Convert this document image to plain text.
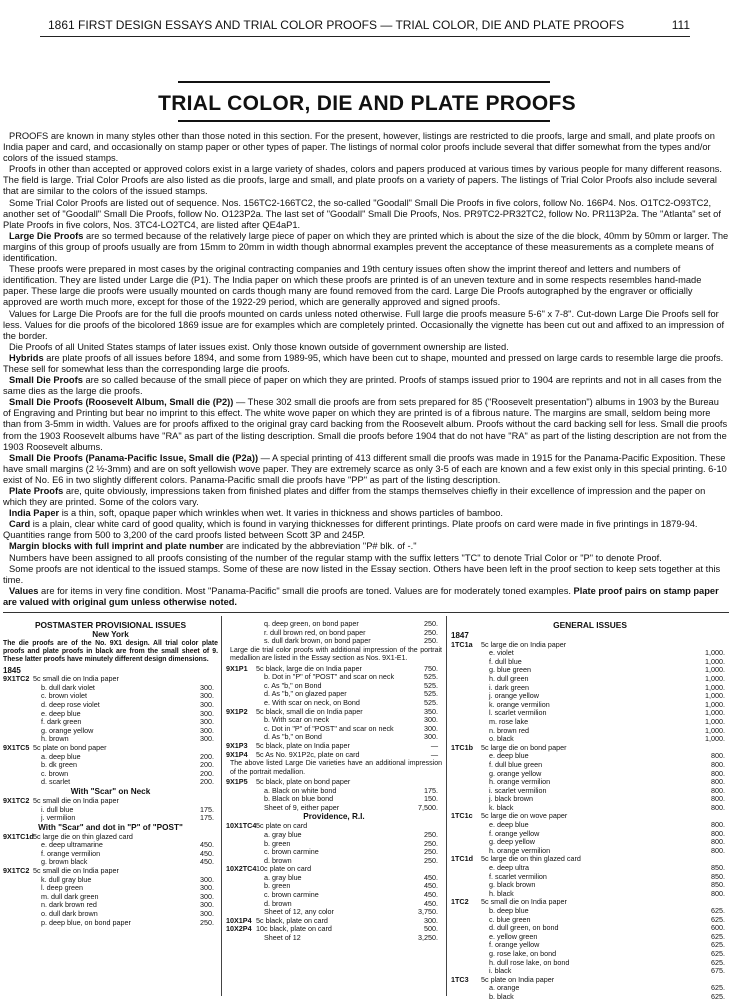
1861 FIRST DESIGN ESSAYS AND TRIAL COLOR PROOFS — TRIAL COLOR, DIE AND PLATE PROOFS	111
TRIAL COLOR, DIE AND PLATE PROOFS

PROOFS are known in many styles other than those noted in this section. For the present, however, listings are restricted to die proofs, large and small, and plate proofs on India paper and card, and occasionally on stamp paper or other types of paper. The listings of normal color proofs include several that differ somewhat from the types and/or colors of the issued stamps.

Proofs in other than accepted or approved colors exist in a large variety of shades, colors and papers produced at various times by various people for many different reasons. The field is large. Trial Color Proofs are also listed as die proofs, large and small, and plate proofs on a variety of papers. The listings of Trial Color Proofs also include several that are similar to the colors of the issued stamps.

Some Trial Color Proofs are listed out of sequence. Nos. 156TC2-166TC2, the so-called "Goodall" Small Die Proofs in five colors, follow No. 166P4. Nos. O1TC2-O93TC2, another set of "Goodall" Small Die Proofs, follow No. O123P2a. The last set of "Goodall" Small Die Proofs, Nos. PR9TC2-PR32TC2, follow No. PR113P2a. The "Atlanta" set of Plate Proofs in five colors, Nos. 3TC4-LO2TC4, are listed after QE4aP1.

Large Die Proofs are so termed because of the relatively large piece of paper on which they are printed which is about the size of the die block, 40mm by 50mm or larger. The margins of this group of proofs usually are from 15mm to 20mm in width though abnormal examples prevent the acceptance of these measurements as a complete means of identification.

These proofs were prepared in most cases by the original contracting companies and 19th century issues often show the imprint thereof and letters and numbers of identification. They are listed under Large die (P1). The India paper on which these proofs are printed is of an uneven texture and in some respects resembles hand-made paper. These large die proofs were usually mounted on cards though many are found removed from the card. Large Die Proofs autographed by the engraver or officially approved are worth much more, except for those of the 1922-29 period, which are generally approved and signed proofs.

Values for Large Die Proofs are for the full die proofs mounted on cards unless noted otherwise. Full large die proofs measure 5-6" x 7-8". Cut-down Large Die Proofs sell for less. Values for die proofs of the bicolored 1869 issue are for examples which are completely printed. Occasionally the vignette has been cut out and affixed to an impression of the border.

Die Proofs of all United States stamps of later issues exist. Only those known outside of government ownership are listed.

Hybrids are plate proofs of all issues before 1894, and some from 1989-95, which have been cut to shape, mounted and pressed on large cards to resemble large die proofs. These sell for somewhat less than the corresponding large die proofs.

Small Die Proofs are so called because of the small piece of paper on which they are printed. Proofs of stamps issued prior to 1904 are reprints and not in all cases from the same dies as the large die proofs.

Small Die Proofs (Roosevelt Album, Small die (P2)) — These 302 small die proofs are from sets prepared for 85 ("Roosevelt presentation") albums in 1903 by the Bureau of Engraving and Printing but bear no imprint to this effect. The white wove paper on which they are printed is of a fibrous nature. The margins are small, seldom being more than from 3-5mm in width. Values are for proofs affixed to the original gray card backing from the Roosevelt album. Proofs without the card backing sell for less. Small die proofs from the 1903 Roosevelt albums have "RA" as part of the listing description. Small die proofs before 1904 that do not have "RA" as part of the listing description are not from the 1903 Roosevelt albums.

Small Die Proofs (Panama-Pacific Issue, Small die (P2a)) — A special printing of 413 different small die proofs was made in 1915 for the Panama-Pacific Exposition. These have small margins (2 ½-3mm) and are on soft yellowish wove paper. They are extremely scarce as only 3-5 of each are known and a few exist only in this special printing. 6-10 exist of No. E6 in two slightly different colors. Panama-Pacific small die proofs have "PP" as part of the listing description.

Plate Proofs are, quite obviously, impressions taken from finished plates and differ from the stamps themselves chiefly in their excellence of impression and the paper on which they are printed. Some of the colors vary.

India Paper is a thin, soft, opaque paper which wrinkles when wet. It varies in thickness and shows particles of bamboo.

Card is a plain, clear white card of good quality, which is found in varying thicknesses for different printings. Plate proofs on card were made in five printings in 1879-94. Quantities range from 500 to 3,200 of the card proofs listed between Scott 3P and 245P.

Margin blocks with full imprint and plate number are indicated by the abbreviation "P# blk. of -."

Numbers have been assigned to all proofs consisting of the number of the regular stamp with the suffix letters "TC" to denote Trial Color or "P" to denote Proof.

Some proofs are not identical to the issued stamps. Some of these are now listed in the Essay section. Others have been left in the proof section to keep sets together at this time.

Values are for items in very fine condition. Most "Panama-Pacific" small die proofs are toned. Values are for moderately toned examples. Plate proof pairs on stamp paper are valued with original gum unless otherwise noted.

POSTMASTER PROVISIONAL ISSUES
New York

The die proofs are of the No. 9X1 design. All trial color plate proofs and plate proofs in black are from the small sheet of 9. These latter proofs have minutely different design dimensions.

1845
9X1TC2 5c small die on India paper
b. dull dark violet	300.
c. brown violet	300.
d. deep rose violet	300.
e. deep blue	300.
f. dark green	300.
g. orange yellow	300.
h. brown	300.
9X1TC5 5c plate on bond paper
a. deep blue	200.
b. dk green	200.
c. brown	200.
d. scarlet	200.
With "Scar" on Neck
9X1TC2 5c small die on India paper
i. dull blue	175.
j. vermilion	175.
With "Scar" and dot in "P" of "POST"
9X1TC1d 5c large die on thin glazed card
e. deep ultramarine	450.
f. orange vermilion	450.
g. brown black	450.
9X1TC2 5c small die on India paper
k. dull gray blue	300.
l. deep green	300.
m. dull dark green	300.
n. dark brown red	300.
o. dull dark brown	300.
p. deep blue, on bond paper	250.
q. deep green, on bond paper	250.
r. dull brown red, on bond paper	250.
s. dull dark brown, on bond paper	250.

Large die trial color proofs with additional impression of the portrait medallion are listed in the Essay section as Nos. 9X1-E1.

9X1P1 5c black, large die on India paper	750.
b. Dot in "P" of "POST" and scar on neck	525.
c. As "b," on Bond	525.
d. As "b," on glazed paper	525.
e. With scar on neck, on Bond	525.
9X1P2 5c black, small die on India paper	350.
b. With scar on neck	300.
c. Dot in "P" of "POST" and scar on neck	300.
d. As "b," on Bond	300.
9X1P3 5c black, plate on India paper	—
9X1P4 5c As No. 9X1P2c, plate on card	—

The above listed Large Die varieties have an additional impression of the portrait medallion.

9X1P5 5c black, plate on bond paper
a. Black on white bond	175.
b. Black on blue bond	150.
Sheet of 9, either paper	7,500.
Providence, R.I.
10X1TC4 5c plate on card
a. gray blue	250.
b. green	250.
c. brown carmine	250.
d. brown	250.
10X2TC4 10c plate on card
a. gray blue	450.
b. green	450.
c. brown carmine	450.
d. brown	450.
Sheet of 12, any color	3,750.
10X1P4 5c black, plate on card	300.
10X2P4 10c black, plate on card	500.
Sheet of 12	3,250.
GENERAL ISSUES
1847
1TC1a 5c large die on India paper
e. violet	1,000.
f. dull blue	1,000.
g. blue green	1,000.
h. dull green	1,000.
i. dark green	1,000.
j. orange yellow	1,000.
k. orange vermilion	1,000.
l. scarlet vermilion	1,000.
m. rose lake	1,000.
n. brown red	1,000.
o. black	1,000.
1TC1b 5c large die on bond paper
e. deep blue	800.
f. dull blue green	800.
g. orange yellow	800.
h. orange vermilion	800.
i. scarlet vermilion	800.
j. black brown	800.
k. black	800.
1TC1c 5c large die on wove paper
e. deep blue	800.
f. orange yellow	800.
g. deep yellow	800.
h. orange vermilion	800.
1TC1d 5c large die on thin glazed card
e. deep ultra	850.
f. scarlet vermilion	850.
g. black brown	850.
h. black	800.
1TC2 5c small die on India paper
b. deep blue	625.
c. blue green	625.
d. dull green, on bond	600.
e. yellow green	625.
f. orange yellow	625.
g. rose lake, on bond	625.
h. dull rose lake, on bond	625.
i. black	675.
1TC3 5c plate on India paper
a. orange	625.
b. black	625.
